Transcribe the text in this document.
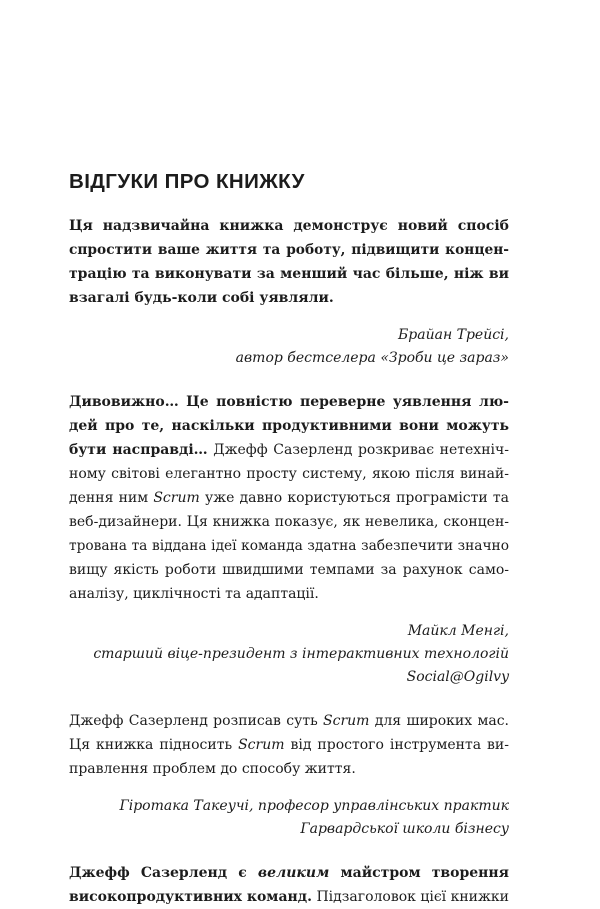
ВІДГУКИ ПРО КНИЖКУ
Ця надзвичайна книжка демонструє новий спосіб
спростити ваше життя та роботу, підвищити концен-
трацію та виконувати за менший час більше, ніж ви
взагалі будь-коли собі уявляли.
Брайан Трейсі,
автор бестселера «Зроби це зараз»
Дивовижно… Це повністю переверне уявлення лю-
дей про те, наскільки продуктивними вони можуть
бути насправді… Джефф Сазерленд розкриває нетехніч-
ному світові елегантно просту систему, якою після винай-
дення ним Scrum уже давно користуються програмісти та
веб-дизайнери. Ця книжка показує, як невелика, сконцен-
трована та віддана ідеї команда здатна забезпечити значно
вищу якість роботи швидшими темпами за рахунок само-
аналізу, циклічності та адаптації.
Майкл Менгі,
старший віце-президент з інтерактивних технологій
Social@Ogilvy
Джефф Сазерленд розписав суть Scrum для широких мас.
Ця книжка підносить Scrum від простого інструмента ви-
правлення проблем до способу життя.
Гіротака Такеучі, професор управлінських практик
Гарвардської школи бізнесу
Джефф Сазерленд є великим майстром творення
високопродуктивних команд. Підзаголовок цієї книжки
